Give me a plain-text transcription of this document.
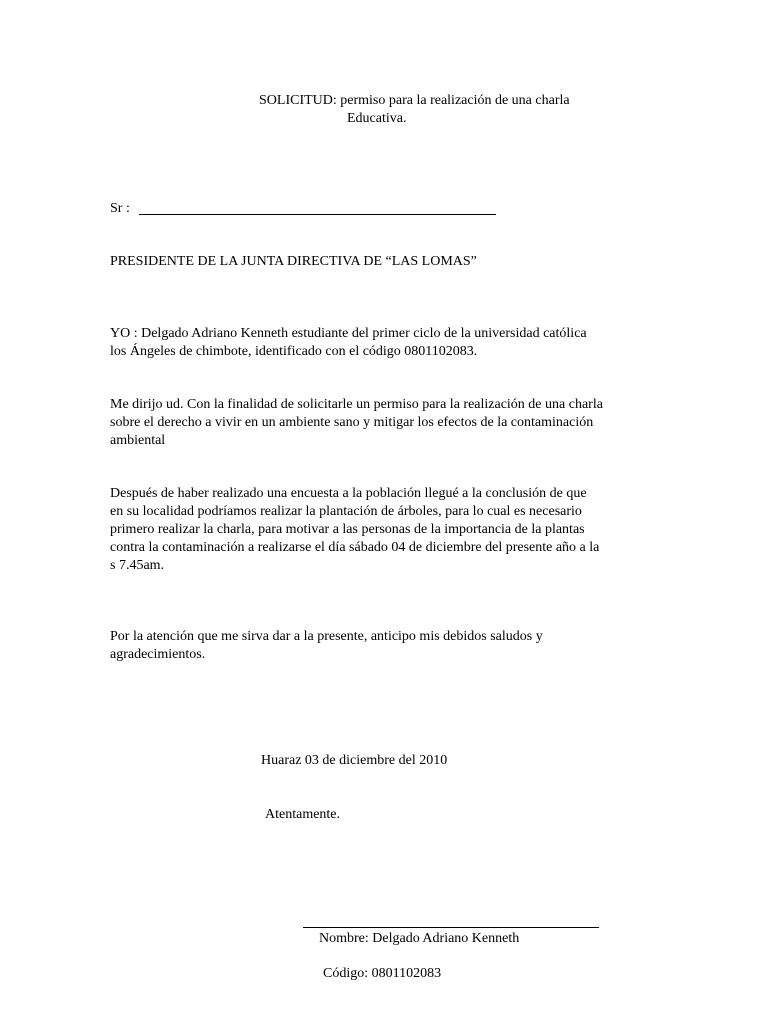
SOLICITUD: permiso para la realización de una charla
Educativa.
Sr :
PRESIDENTE DE LA JUNTA DIRECTIVA DE “LAS LOMAS”
YO : Delgado Adriano Kenneth estudiante del primer ciclo de la universidad católica
los Ángeles de chimbote, identificado con el código 0801102083.
Me dirijo ud. Con la finalidad de solicitarle un permiso para la realización de una charla
sobre el derecho a vivir en un ambiente sano y mitigar los efectos de la contaminación
ambiental
Después de haber realizado una encuesta a la población llegué a la conclusión de que
en su localidad podríamos realizar la plantación de árboles, para lo cual es necesario
primero realizar la charla, para motivar a las personas de la importancia de la plantas
contra la contaminación a realizarse el día sábado 04 de diciembre del presente año a la
s 7.45am.
Por la atención que me sirva dar a la presente, anticipo mis debidos saludos y
agradecimientos.
Huaraz 03 de diciembre del 2010
Atentamente.
Nombre: Delgado Adriano Kenneth
Código: 0801102083
